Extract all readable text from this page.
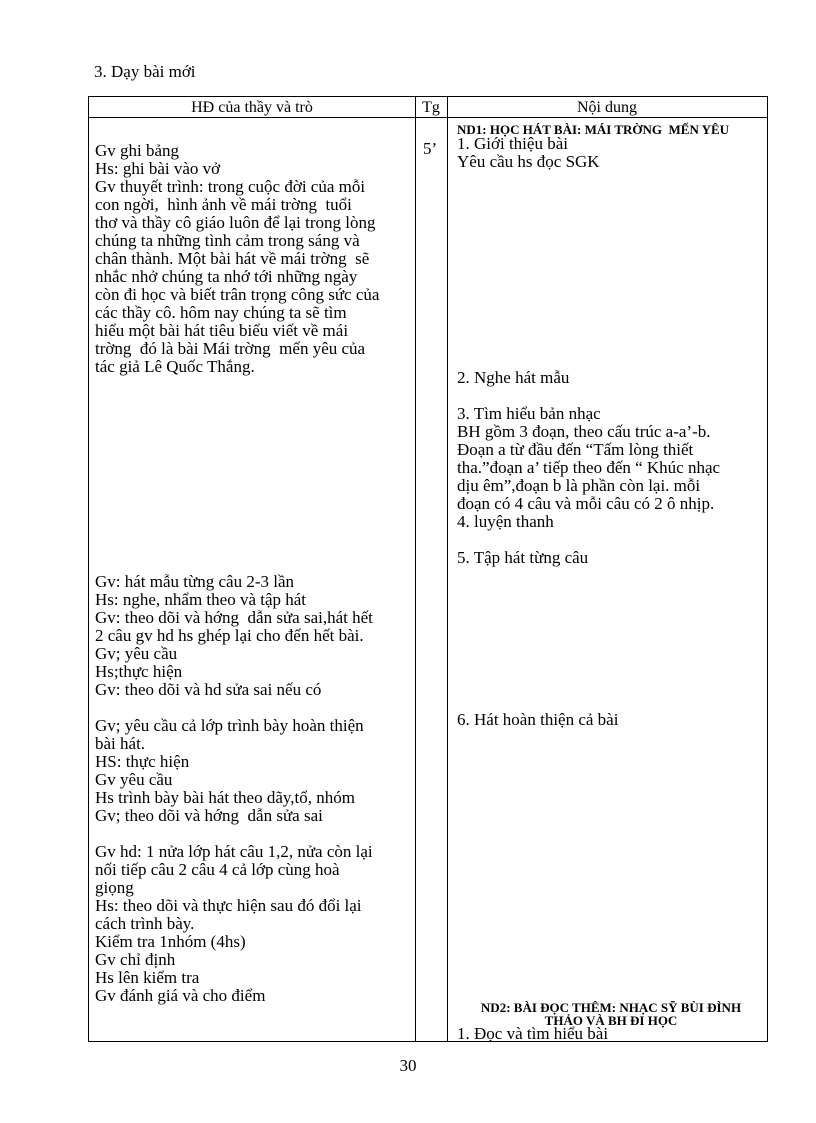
3. Dạy bài mới
HĐ của thầy và trò	Tg	Nội dung
Gv ghi bảng
Hs: ghi bài vào vở
Gv thuyết trình: trong cuộc đời của mỗi
con ngời,  hình ảnh về mái trờng  tuổi
thơ và thầy cô giáo luôn để lại trong lòng
chúng ta những tình cảm trong sáng và
chân thành. Một bài hát về mái trờng  sẽ
nhắc nhở chúng ta nhớ tới những ngày
còn đi học và biết trân trọng công sức của
các thầy cô. hôm nay chúng ta sẽ tìm
hiểu một bài hát tiêu biểu viết về mái
trờng  đó là bài Mái trờng  mến yêu của
tác giả Lê Quốc Thắng.
Gv: hát mẫu từng câu 2-3 lần
Hs: nghe, nhẩm theo và tập hát
Gv: theo dõi và hớng  dẫn sửa sai,hát hết
2 câu gv hd hs ghép lại cho đến hết bài.
Gv; yêu cầu
Hs;thực hiện
Gv: theo dõi và hd sửa sai nếu có
Gv; yêu cầu cả lớp trình bày hoàn thiện
bài hát.
HS: thực hiện
Gv yêu cầu
Hs trình bày bài hát theo dãy,tổ, nhóm
Gv; theo dõi và hớng  dẫn sửa sai
Gv hd: 1 nửa lớp hát câu 1,2, nửa còn lại
nối tiếp câu 2 câu 4 cả lớp cùng hoà
giọng
Hs: theo dõi và thực hiện sau đó đổi lại
cách trình bày.
Kiểm tra 1nhóm (4hs)
Gv chỉ định
Hs lên kiểm tra
Gv đánh giá và cho điểm
5’
ND1: HỌC HÁT BÀI: MÁI TRỜNG  MẾN YÊU
1. Giới thiệu bài
Yêu cầu hs đọc SGK
2. Nghe hát mẫu
3. Tìm hiểu bản nhạc
BH gồm 3 đoạn, theo cấu trúc a-a’-b.
Đoạn a từ đầu đến “Tấm lòng thiết
tha.”đoạn a’ tiếp theo đến “ Khúc nhạc
dịu êm”,đoạn b là phần còn lại. mỗi
đoạn có 4 câu và mỗi câu có 2 ô nhịp.
4. luyện thanh
5. Tập hát từng câu
6. Hát hoàn thiện cả bài
ND2: BÀI ĐỌC THÊM: NHẠC SỸ BÙI ĐÌNH
THẢO VÀ BH ĐI HỌC
1. Đọc và tìm hiểu bài
30
